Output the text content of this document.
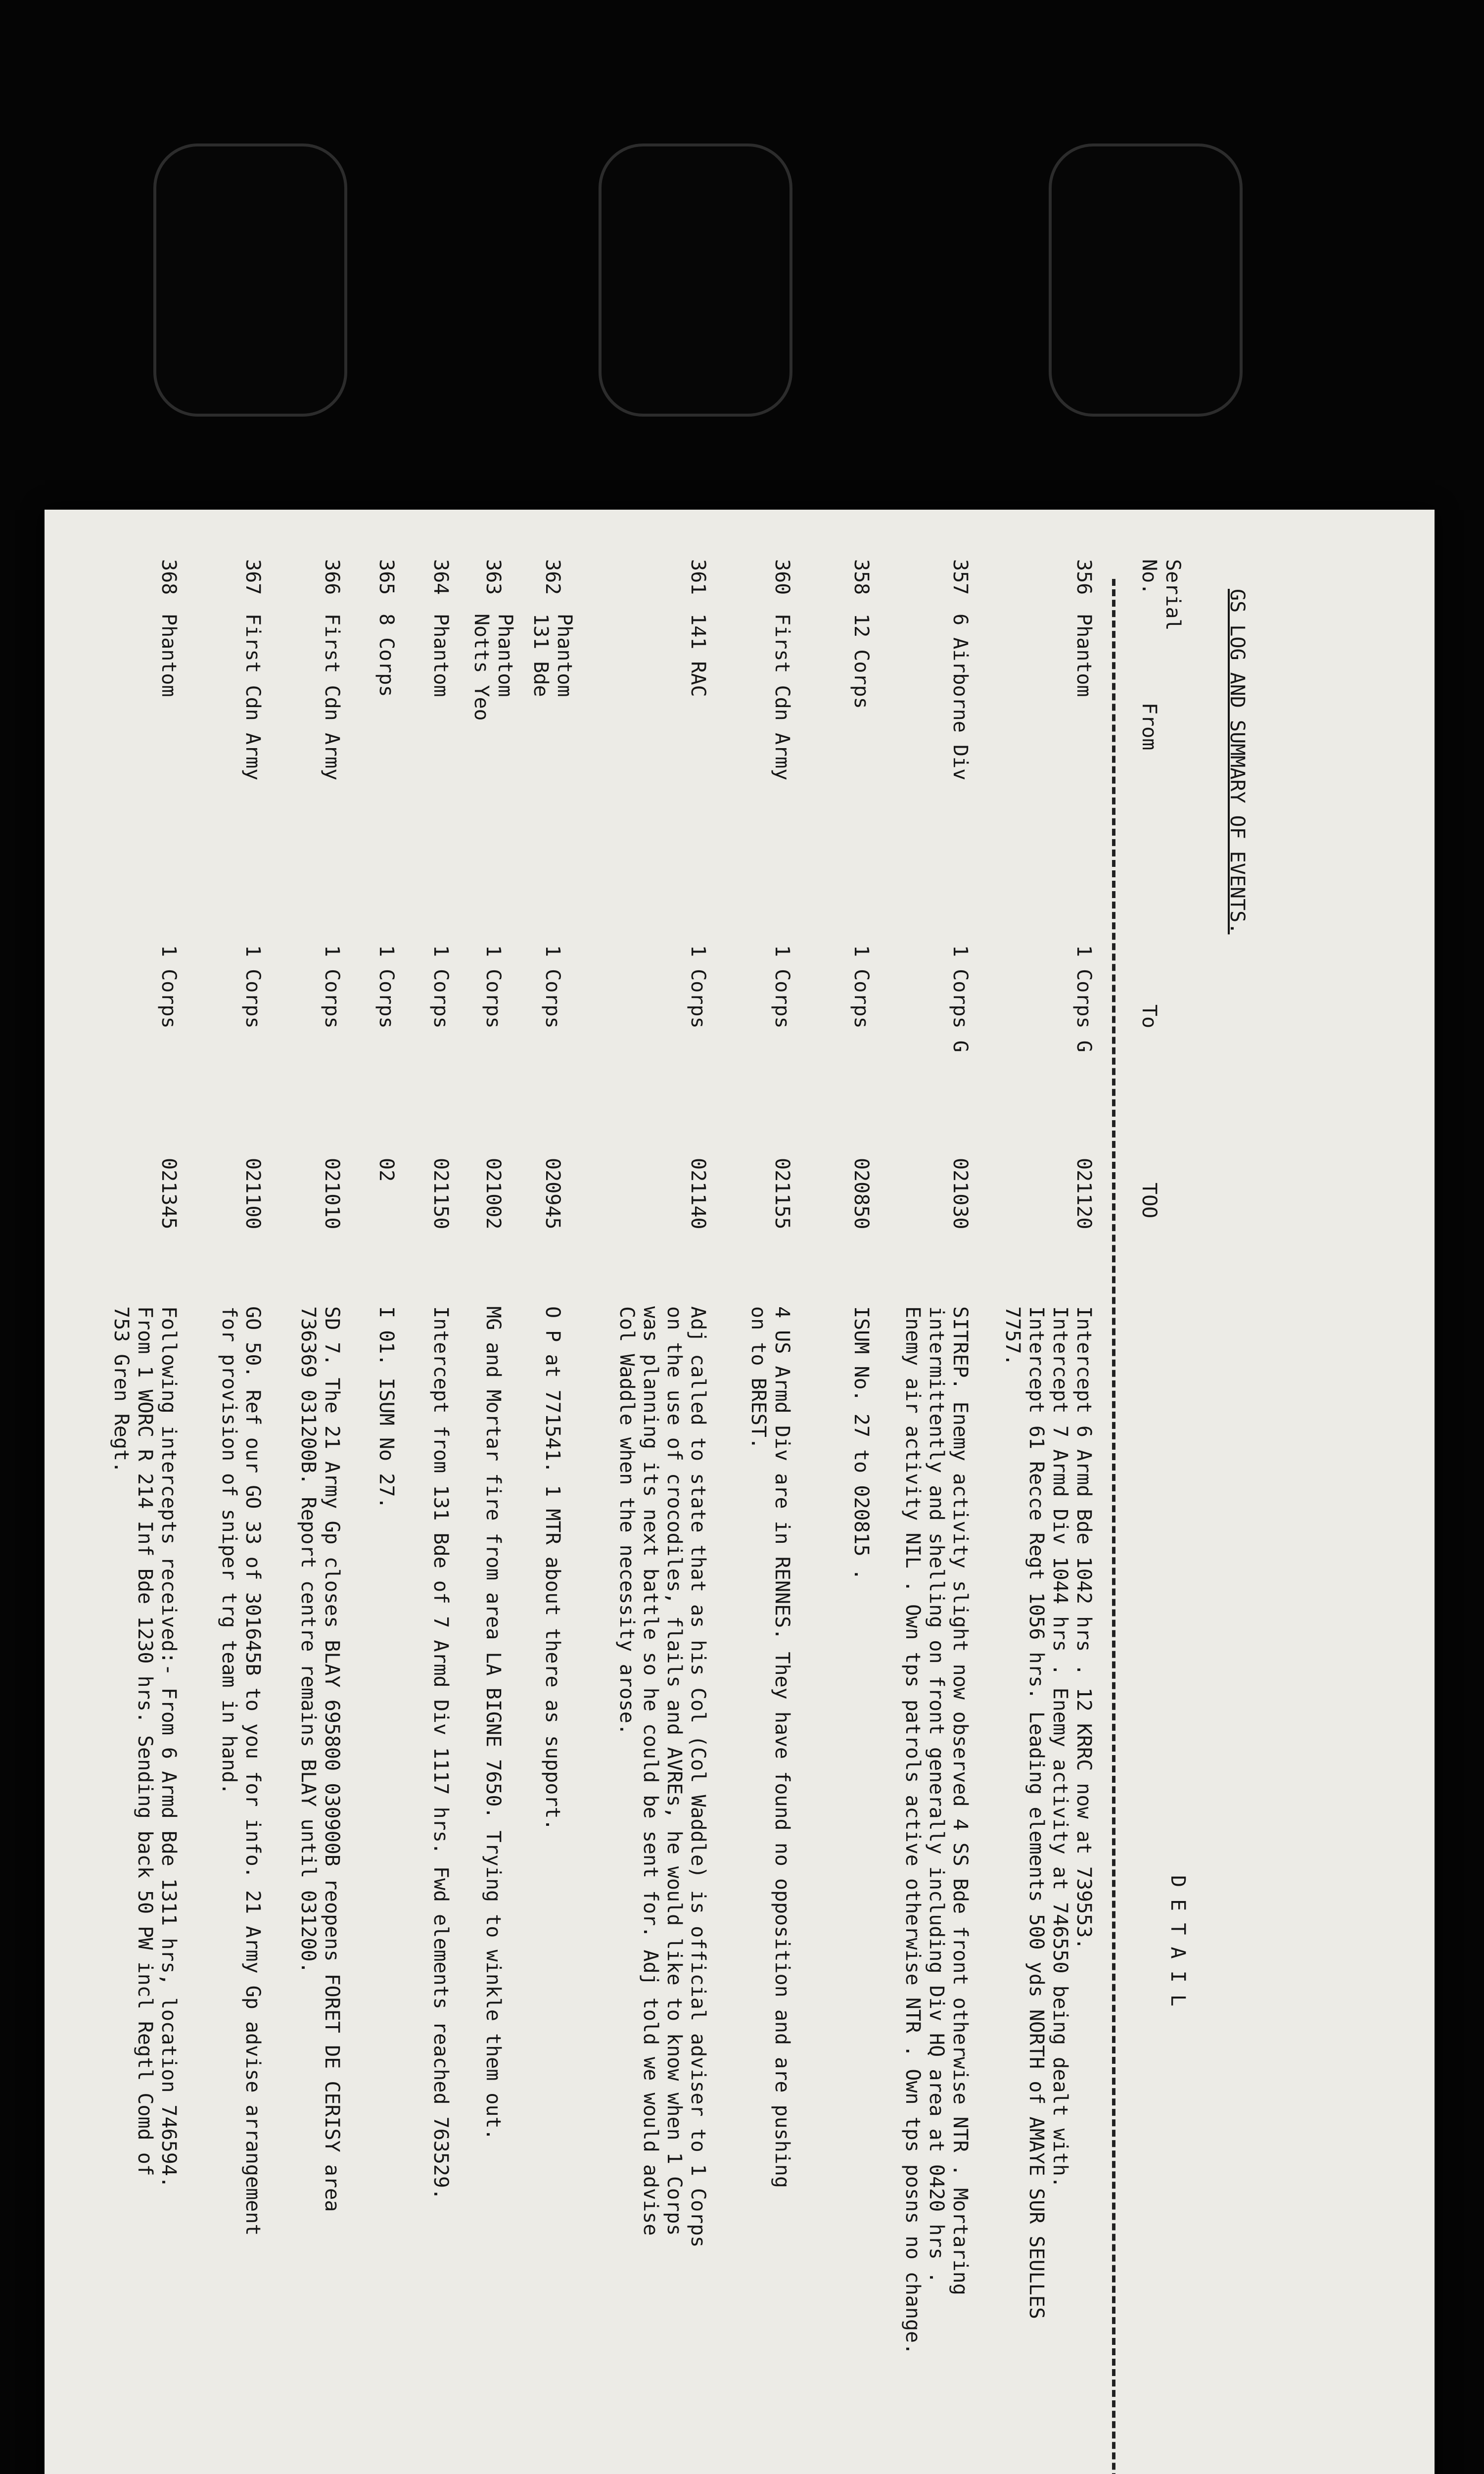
GS LOG AND SUMMARY OF EVENTS.
Serial
No.
From
To
TOO
D E T A I L
356
Phantom
1 Corps G
021120
Intercept 6 Armd Bde 1042 hrs . 12 KRRC now at 739553.
Intercept 7 Armd Div 1044 hrs . Enemy activity at 746550 being dealt with.
Intercept 61 Recce Regt 1056 hrs. Leading elements 500 yds NORTH of AMAYE SUR SEULLES
7757.
357
6 Airborne Div
1 Corps G
021030
SITREP. Enemy activity slight now observed 4 SS Bde front otherwise NTR . Mortaring
intermittently and shelling on front generally including Div HQ area at 0420 hrs .
Enemy air activity NIL . Own tps patrols active otherwise NTR . Own tps posns no change.
358
12 Corps
1 Corps
020850
ISUM No. 27 to 020815 .
360
First Cdn Army
1 Corps
021155
4 US Armd Div are in RENNES. They have found no opposition and are pushing
on to BREST.
361
141 RAC
1 Corps
021140
Adj called to state that as his Col (Col Waddle) is official adviser to 1 Corps
on the use of crocodiles, flails and AVREs, he would like to know when 1 Corps
was planning its next battle so he could be sent for. Adj told we would advise
Col Waddle when the necessity arose.
362
Phantom
131 Bde
1 Corps
020945
O P at 771541. 1 MTR about there as support.
363
Phantom
Notts Yeo
1 Corps
021002
MG and Mortar fire from area LA BIGNE 7650. Trying to winkle them out.
364
Phantom
1 Corps
021150
Intercept from 131 Bde of 7 Armd Div 1117 hrs. Fwd elements reached 763529.
365
8 Corps
1 Corps
02
I 01. ISUM No 27.
366
First Cdn Army
1 Corps
021010
SD 7. The 21 Army Gp closes BLAY 695800 030900B reopens FORET DE CERISY area
736369 031200B. Report centre remains BLAY until 031200.
367
First Cdn Army
1 Corps
021100
GO 50. Ref our GO 33 of 301645B to you for info. 21 Army Gp advise arrangement
for provision of sniper trg team in hand.
368
Phantom
1 Corps
021345
Following intercepts received:- From 6 Armd Bde 1311 hrs, location 746594.
From 1 WORC R 214 Inf Bde 1230 hrs. Sending back 50 PW incl Regtl Comd of
753 Gren Regt.
